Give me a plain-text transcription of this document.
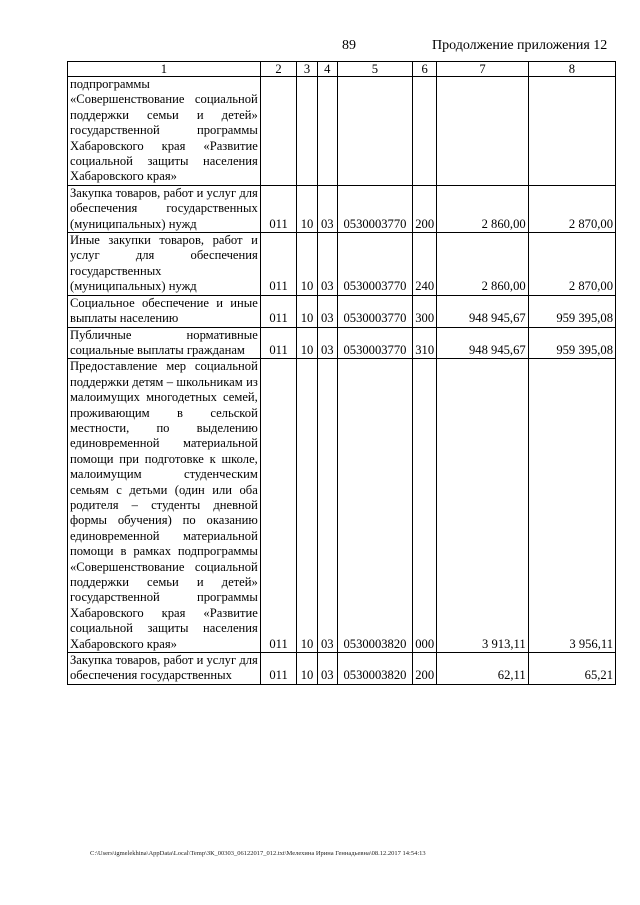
89	Продолжение приложения 12
1	2	3	4	5	6	7	8
подпрограммы «Совершенствование социальной поддержки семьи и детей» государственной программы Хабаровского края «Развитие социальной защиты населения Хабаровского края»							
Закупка товаров, работ и услуг для обеспечения государственных (муниципальных) нужд	011	10	03	0530003770	200	2 860,00	2 870,00
Иные закупки товаров, работ и услуг для обеспечения государственных (муниципальных) нужд	011	10	03	0530003770	240	2 860,00	2 870,00
Социальное обеспечение и иные выплаты населению	011	10	03	0530003770	300	948 945,67	959 395,08
Публичные нормативные социальные выплаты гражданам	011	10	03	0530003770	310	948 945,67	959 395,08
Предоставление мер социальной поддержки детям – школьникам из малоимущих многодетных семей, проживающим в сельской местности, по выделению единовременной материальной помощи при подготовке к школе, малоимущим студенческим семьям с детьми (один или оба родителя – студенты дневной формы обучения) по оказанию единовременной материальной помощи в рамках подпрограммы «Совершенствование социальной поддержки семьи и детей» государственной программы Хабаровского края «Развитие социальной защиты населения Хабаровского края»	011	10	03	0530003820	000	3 913,11	3 956,11
Закупка товаров, работ и услуг для обеспечения государственных	011	10	03	0530003820	200	62,11	65,21
C:\Users\igmelekhina\AppData\Local\Temp\ЗК_00303_06122017_012.txt\Мелехина Ирина Геннадьевна\08.12.2017 14:54:13
